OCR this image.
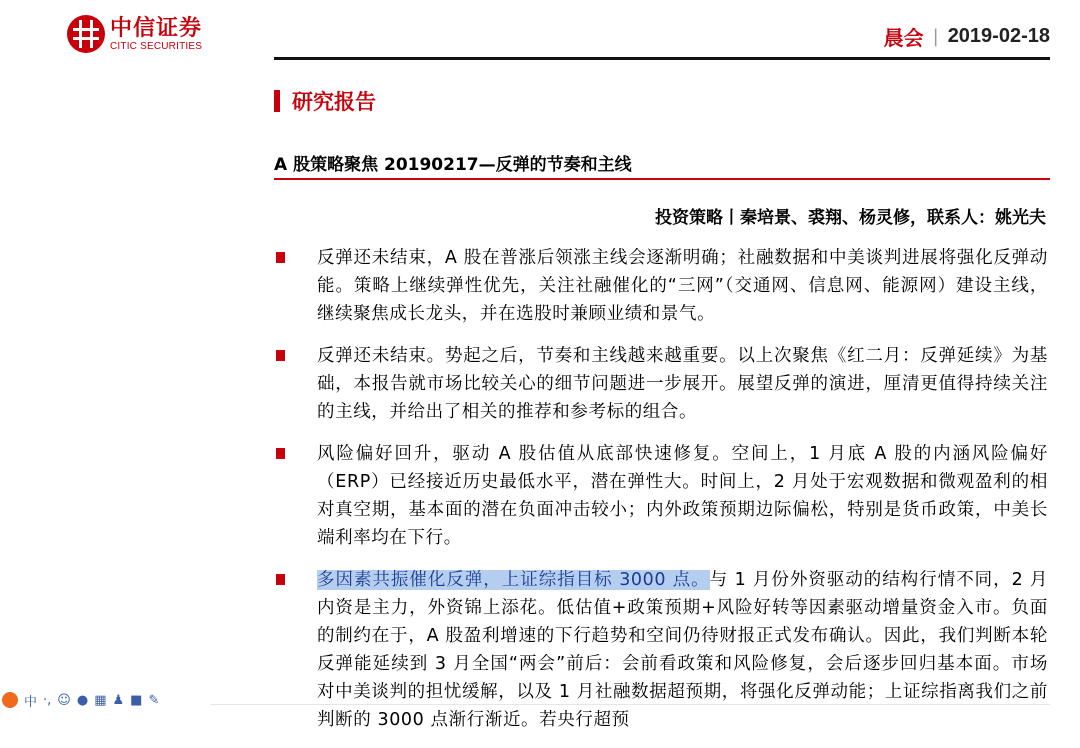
中信证券
CITIC SECURITIES	晨会 | 2019-02-18
研究报告
A 股策略聚焦 20190217—反弹的节奏和主线
投资策略丨秦培景、裘翔、杨灵修，联系人：姚光夫
反弹还未结束，A 股在普涨后领涨主线会逐渐明确；社融数据和中美谈判进展将强化反弹动能。策略上继续弹性优先，关注社融催化的“三网”（交通网、信息网、能源网）建设主线，继续聚焦成长龙头，并在选股时兼顾业绩和景气。
反弹还未结束。势起之后，节奏和主线越来越重要。以上次聚焦《红二月：反弹延续》为基础，本报告就市场比较关心的细节问题进一步展开。展望反弹的演进，厘清更值得持续关注的主线，并给出了相关的推荐和参考标的组合。
风险偏好回升，驱动 A 股估值从底部快速修复。空间上，1 月底 A 股的内涵风险偏好（ERP）已经接近历史最低水平，潜在弹性大。时间上，2 月处于宏观数据和微观盈利的相对真空期，基本面的潜在负面冲击较小；内外政策预期边际偏松，特别是货币政策，中美长端利率均在下行。
多因素共振催化反弹，上证综指目标 3000 点。与 1 月份外资驱动的结构行情不同，2 月内资是主力，外资锦上添花。低估值+政策预期+风险好转等因素驱动增量资金入市。负面的制约在于，A 股盈利增速的下行趋势和空间仍待财报正式发布确认。因此，我们判断本轮反弹能延续到 3 月全国“两会”前后：会前看政策和风险修复，会后逐步回归基本面。市场对中美谈判的担忧缓解，以及 1 月社融数据超预期，将强化反弹动能；上证综指离我们之前判断的 3000 点渐行渐近。若央行超预
中 ·, ☺ ● ▦ ♟ ■ ✎
